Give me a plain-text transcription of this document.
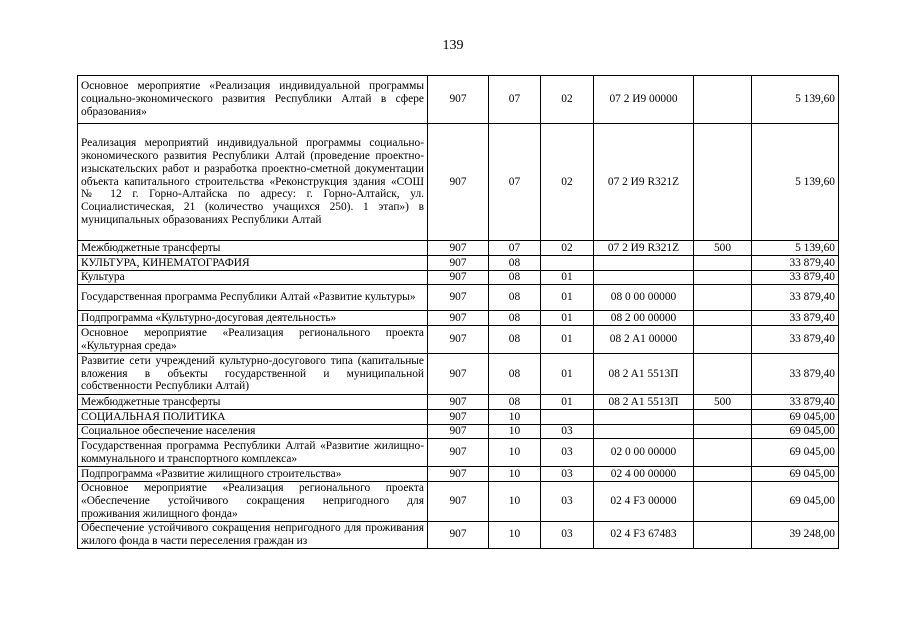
139
Основное мероприятие «Реализация индивидуальной программы социально-экономического развития Республики Алтай в сфере образования»	907	07	02	07 2 И9 00000		5 139,60
Реализация мероприятий индивидуальной программы социально-экономического развития Республики Алтай (проведение проектно-изыскательских работ и разработка проектно-сметной документации объекта капитального строительства «Реконструкция здания «СОШ № 12 г. Горно-Алтайска по адресу: г. Горно-Алтайск, ул. Социалистическая, 21 (количество учащихся 250). 1 этап») в муниципальных образованиях Республики Алтай	907	07	02	07 2 И9 R321Z		5 139,60
Межбюджетные трансферты	907	07	02	07 2 И9 R321Z	500	5 139,60
КУЛЬТУРА, КИНЕМАТОГРАФИЯ	907	08				33 879,40
Культура	907	08	01			33 879,40
Государственная программа Республики Алтай «Развитие культуры»	907	08	01	08 0 00 00000		33 879,40
Подпрограмма «Культурно-досуговая деятельность»	907	08	01	08 2 00 00000		33 879,40
Основное мероприятие «Реализация регионального проекта «Культурная среда»	907	08	01	08 2 A1 00000		33 879,40
Развитие сети учреждений культурно-досугового типа (капитальные вложения в объекты государственной и муниципальной собственности Республики Алтай)	907	08	01	08 2 A1 5513П		33 879,40
Межбюджетные трансферты	907	08	01	08 2 A1 5513П	500	33 879,40
СОЦИАЛЬНАЯ ПОЛИТИКА	907	10				69 045,00
Социальное обеспечение населения	907	10	03			69 045,00
Государственная программа Республики Алтай «Развитие жилищно-коммунального и транспортного комплекса»	907	10	03	02 0 00 00000		69 045,00
Подпрограмма «Развитие жилищного строительства»	907	10	03	02 4 00 00000		69 045,00
Основное мероприятие «Реализация регионального проекта «Обеспечение устойчивого сокращения непригодного для проживания жилищного фонда»	907	10	03	02 4 F3 00000		69 045,00
Обеспечение устойчивого сокращения непригодного для проживания жилого фонда в части переселения граждан из	907	10	03	02 4 F3 67483		39 248,00
